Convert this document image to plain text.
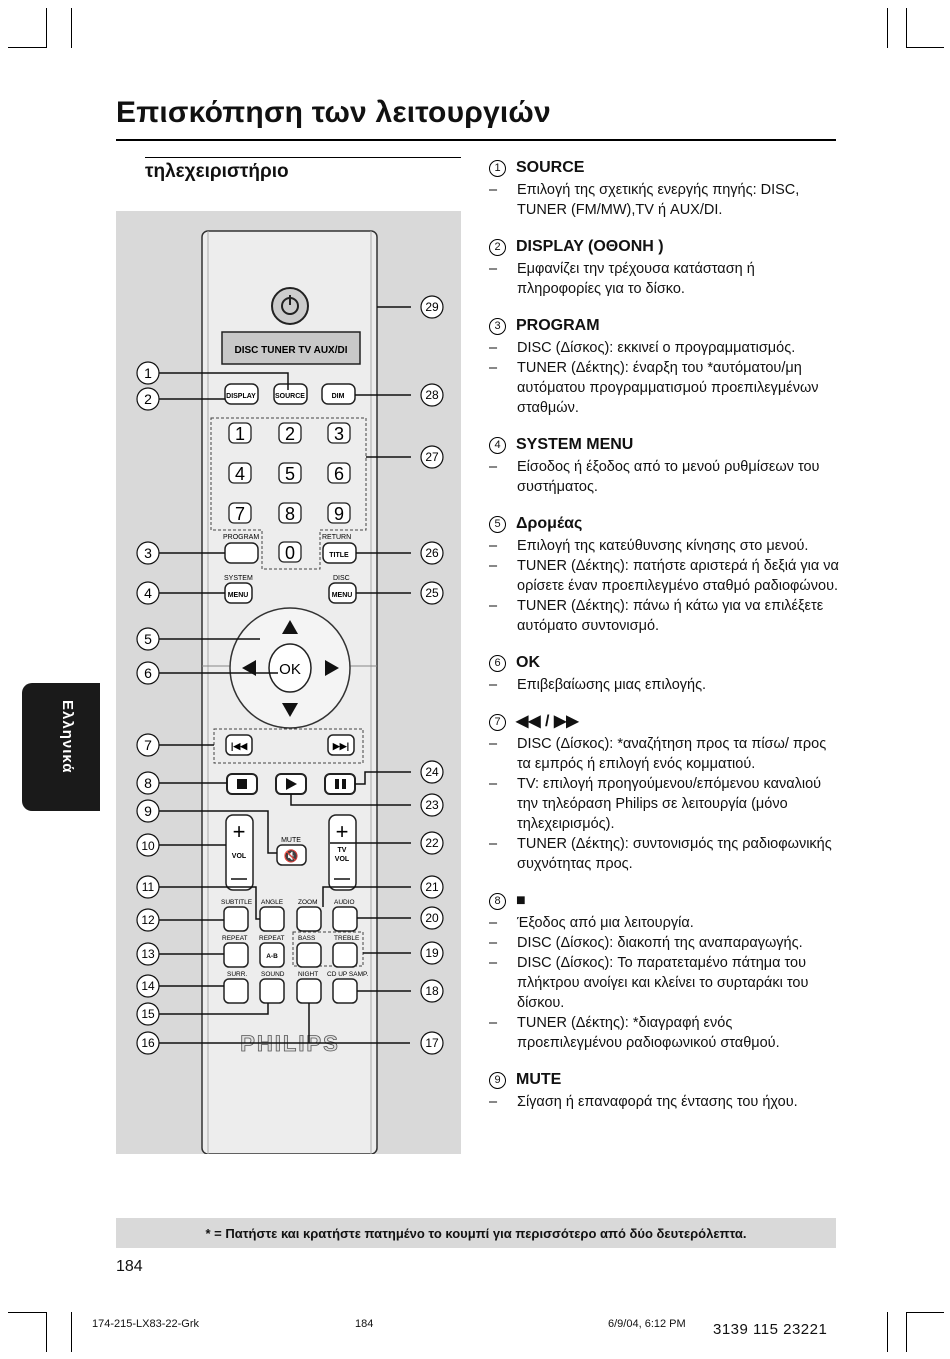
Επισκόπηση των λειτουργιών
τηλεχειριστήριο
Ελληνικά
DISC TUNER TV AUX/DI
DISPLAY	SOURCE	DIM
1 2 3
4 5 6
7 8 9
0
PROGRAM	RETURN
TITLE
SYSTEM
MENU
DISC
MENU
OK
|◀◀	▶▶|
+
VOL
MUTE
🔇
+
TV
VOL
SUBTITLE ANGLE ZOOM	AUDIO
REPEAT REPEAT BASS	TREBLE
A-B
SURR. SOUND NIGHT CD UP SAMP.
PHILIPS
1
2
3
4
5
6
7
8
9
10
11
12
13
14
15
16
29
28
27
26
25
24
23
22
21
20
19
18
17
1 SOURCE
–	Επιλογή της σχετικής ενεργής πηγής: DISC, TUNER (FM/MW),TV ή AUX/DI.
2 DISPLAY (ΟΘΟΝΗ )
–	Εμφανίζει την τρέχουσα κατάσταση ή πληροφορίες για το δίσκο.
3 PROGRAM
–	DISC (Δίσκος): εκκινεί ο προγραμματισμός.
–	TUNER (Δέκτης): έναρξη του *αυτόματου/μη αυτόματου προγραμματισμού προεπιλεγμένων σταθμών.
4 SYSTEM MENU
–	Είσοδος ή έξοδος από το μενού ρυθμίσεων του συστήματος.
5 Δρομέας
–	Επιλογή της κατεύθυνσης κίνησης στο μενού.
–	TUNER (Δέκτης): πατήστε αριστερά ή δεξιά για να ορίσετε έναν προεπιλεγμένο σταθμό ραδιοφώνου.
–	TUNER (Δέκτης): πάνω ή κάτω για να επιλέξετε αυτόματο συντονισμό.
6 OK
–	Επιβεβαίωσης μιας επιλογής.
7 ◀◀ / ▶▶
–	DISC (Δίσκος): *αναζήτηση προς τα πίσω/ προς τα εμπρός ή επιλογή ενός κομματιού.
–	TV: επιλογή προηγούμενου/επόμενου καναλιού την τηλεόραση Philips σε λειτουργία (μόνο τηλεχειρισμός).
–	TUNER (Δέκτης): συντονισμός της ραδιοφωνικής συχνότητας προς.
8 ■
–	Έξοδος από μια λειτουργία.
–	DISC (Δίσκος): διακοπή της αναπαραγωγής.
–	DISC (Δίσκος): Το παρατεταμένο πάτημα του πλήκτρου ανοίγει και κλείνει το συρταράκι του δίσκου.
–	TUNER (Δέκτης): *διαγραφή ενός προεπιλεγμένου ραδιοφωνικού σταθμού.
9 MUTE
–	Σίγαση ή επαναφορά της έντασης του ήχου.
* = Πατήστε και κρατήστε πατημένο το κουμπί για περισσότερο από δύο δευτερόλεπτα.
184
174-215-LX83-22-Grk	184	6/9/04, 6:12 PM 3139 115 23221
